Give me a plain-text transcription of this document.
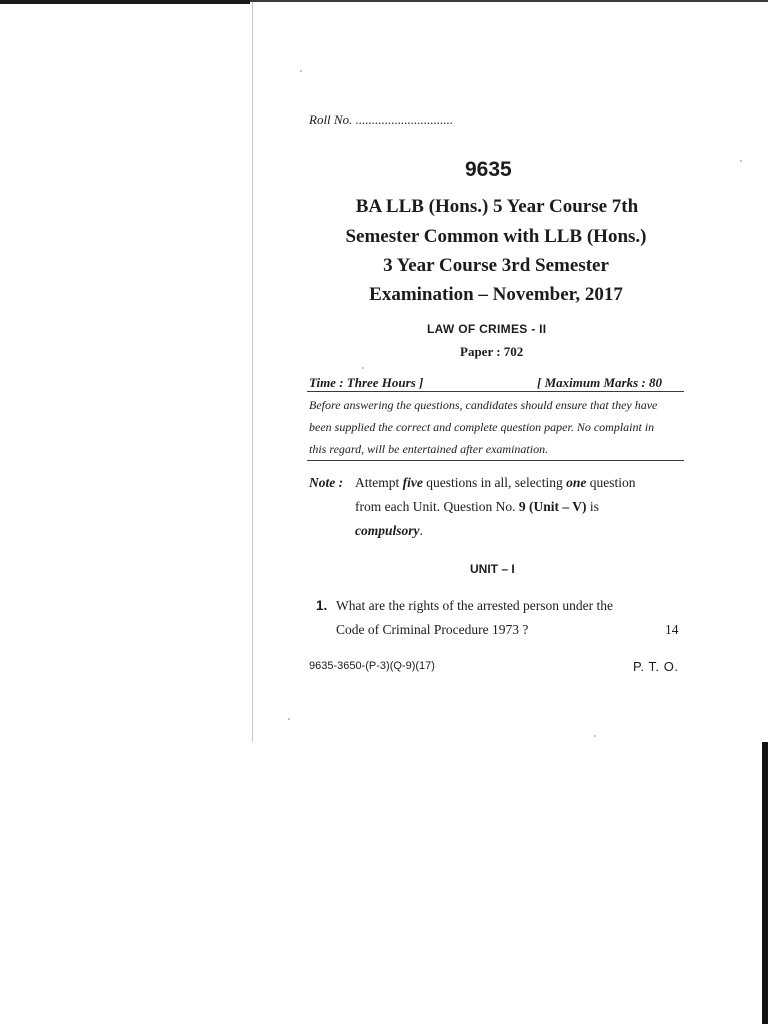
Roll No. ..............................
9635
BA LLB (Hons.) 5 Year Course 7th
Semester Common with LLB (Hons.)
3 Year Course 3rd Semester
Examination – November, 2017
LAW OF CRIMES - II
Paper : 702
Time : Three Hours ]	[ Maximum Marks : 80
Before answering the questions, candidates should ensure that they have
been supplied the correct and complete question paper. No complaint in
this regard, will be entertained after examination.
Note : Attempt five questions in all, selecting one question
from each Unit. Question No. 9 (Unit – V) is
compulsory.
UNIT – I
1. What are the rights of the arrested person under the
Code of Criminal Procedure 1973 ?	14
9635-3650-(P-3)(Q-9)(17)	P. T. O.
